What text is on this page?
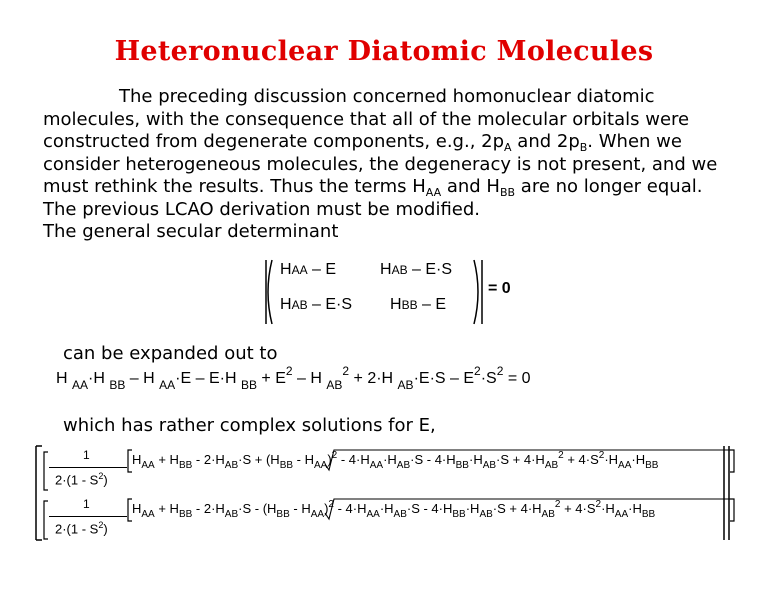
Heteronuclear Diatomic Molecules
The preceding discussion concerned homonuclear diatomic molecules, with the consequence that all of the molecular orbitals were constructed from degenerate components, e.g., $2p_A$ and $2p_B$. When we consider heterogeneous molecules, the degeneracy is not present, and we must rethink the results. Thus the terms $H_{AA}$ and $H_{BB}$ are no longer equal.
The previous LCAO derivation must be modified.
The general secular determinant
HAA – E	HAB – E·S
HAB – E·S HBB – E
= 0
can be expanded out to
H $_{AA}$·H $_{BB}$ – H $_{AA}$·E – E·H $_{BB} + E^2 - H$ $_{AB}^2$ + 2·H $_{AB}\cdot E\cdot S - E^2\cdot S^2 = 0$
which has rather complex solutions for E,
1
$2\cdot(1 - S^2)$
$H_{AA} + H_{BB} - 2\cdot H_{AB}\cdot S + (H_{BB} - H_{AA})^2 - 4\cdot H_{AA}\cdot H_{AB}\cdot S - 4\cdot H_{BB}\cdot H_{AB}\cdot S + 4\cdot H_{AB}^2 + 4\cdot S^2\cdot H_{AA}\cdot H_{BB}$
1
$2\cdot(1 - S^2)$
$H_{AA} + H_{BB} - 2\cdot H_{AB}\cdot S - (H_{BB} - H_{AA})^2 - 4\cdot H_{AA}\cdot H_{AB}\cdot S - 4\cdot H_{BB}\cdot H_{AB}\cdot S + 4\cdot H_{AB}^2 + 4\cdot S^2\cdot H_{AA}\cdot H_{BB}$
